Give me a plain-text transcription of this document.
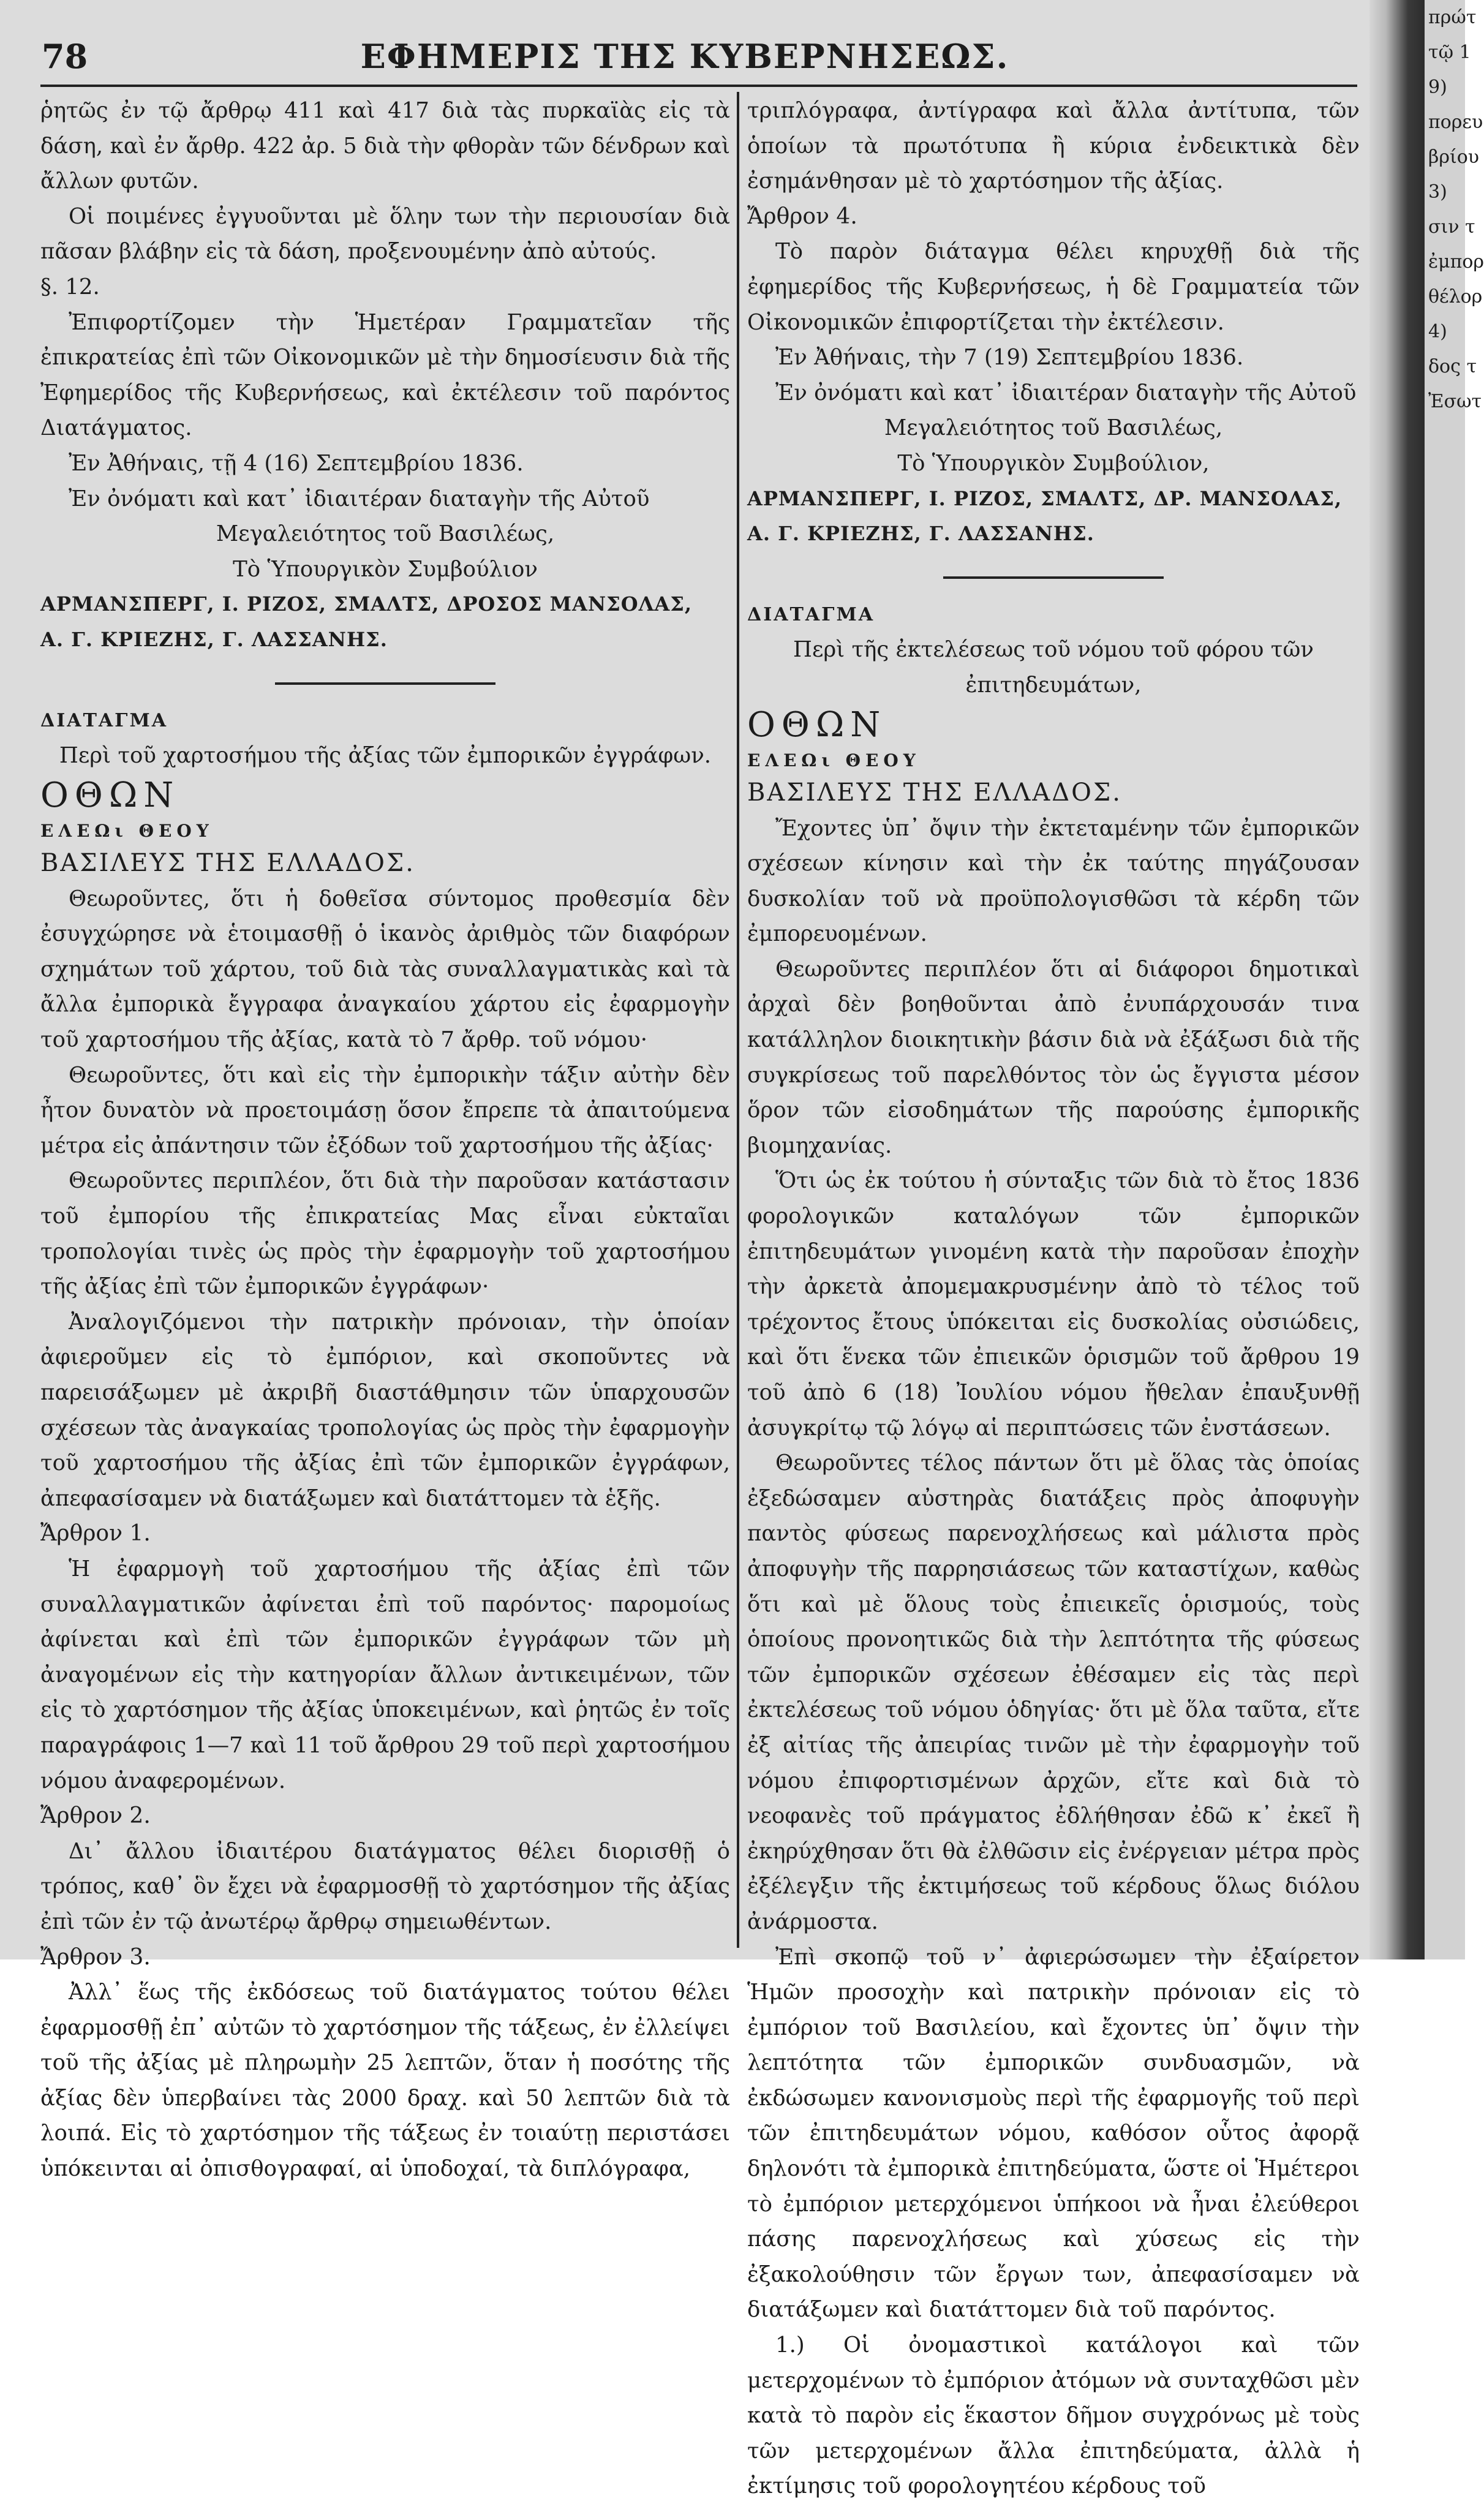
78	ΕΦΗΜΕΡΙΣ ΤΗΣ ΚΥΒΕΡΝΗΣΕΩΣ.

ῥητῶς ἐν τῷ ἄρθρῳ 411 καὶ 417 διὰ τὰς πυρκαϊὰς εἰς τὰ δάση, καὶ ἐν ἄρθρ. 422 ἀρ. 5 διὰ τὴν φθορὰν τῶν δένδρων καὶ ἄλλων φυτῶν.

Οἱ ποιμένες ἐγγυοῦνται μὲ ὅλην των τὴν περιουσίαν διὰ πᾶσαν βλάβην εἰς τὰ δάση, προξενουμένην ἀπὸ αὐτούς.

§. 12.

Ἐπιφορτίζομεν τὴν Ἡμετέραν Γραμματεῖαν τῆς ἐπικρατείας ἐπὶ τῶν Οἰκονομικῶν μὲ τὴν δημοσίευσιν διὰ τῆς Ἐφημερίδος τῆς Κυβερνήσεως, καὶ ἐκτέλεσιν τοῦ παρόντος Διατάγματος.

Ἐν Ἀθήναις, τῇ 4 (16) Σεπτεμβρίου 1836.

Ἐν ὀνόματι καὶ κατ᾽ ἰδιαιτέραν διαταγὴν τῆς Αὐτοῦ

Μεγαλειότητος τοῦ Βασιλέως,

Τὸ Ὑπουργικὸν Συμβούλιον

ΑΡΜΑΝΣΠΕΡΓ, Ι. ΡΙΖΟΣ, ΣΜΑΛΤΣ, ΔΡΟΣΟΣ ΜΑΝΣΟΛΑΣ,

Α. Γ. ΚΡΙΕΖΗΣ, Γ. ΛΑΣΣΑΝΗΣ.

ΔΙΑΤΑΓΜΑ

Περὶ τοῦ χαρτοσήμου τῆς ἀξίας τῶν ἐμπορικῶν ἐγγράφων.

ΟΘΩΝ

ΕΛΕΩι ΘΕΟΥ

ΒΑΣΙΛΕΥΣ ΤΗΣ ΕΛΛΑΔΟΣ.

Θεωροῦντες, ὅτι ἡ δοθεῖσα σύντομος προθεσμία δὲν ἐσυγχώρησε νὰ ἑτοιμασθῇ ὁ ἱκανὸς ἀριθμὸς τῶν διαφόρων σχημάτων τοῦ χάρτου, τοῦ διὰ τὰς συναλλαγματικὰς καὶ τὰ ἄλλα ἐμπορικὰ ἔγγραφα ἀναγκαίου χάρτου εἰς ἐφαρμογὴν τοῦ χαρτοσήμου τῆς ἀξίας, κατὰ τὸ 7 ἄρθρ. τοῦ νόμου·

Θεωροῦντες, ὅτι καὶ εἰς τὴν ἐμπορικὴν τάξιν αὐτὴν δὲν ἦτον δυνατὸν νὰ προετοιμάσῃ ὅσον ἔπρεπε τὰ ἀπαιτούμενα μέτρα εἰς ἀπάντησιν τῶν ἐξόδων τοῦ χαρτοσήμου τῆς ἀξίας·

Θεωροῦντες περιπλέον, ὅτι διὰ τὴν παροῦσαν κατάστασιν τοῦ ἐμπορίου τῆς ἐπικρατείας Μας εἶναι εὐκταῖαι τροπολογίαι τινὲς ὡς πρὸς τὴν ἐφαρμογὴν τοῦ χαρτοσήμου τῆς ἀξίας ἐπὶ τῶν ἐμπορικῶν ἐγγράφων·

Ἀναλογιζόμενοι τὴν πατρικὴν πρόνοιαν, τὴν ὁποίαν ἀφιεροῦμεν εἰς τὸ ἐμπόριον, καὶ σκοποῦντες νὰ παρεισάξωμεν μὲ ἀκριβῆ διαστάθμησιν τῶν ὑπαρχουσῶν σχέσεων τὰς ἀναγκαίας τροπολογίας ὡς πρὸς τὴν ἐφαρμογὴν τοῦ χαρτοσήμου τῆς ἀξίας ἐπὶ τῶν ἐμπορικῶν ἐγγράφων, ἀπεφασίσαμεν νὰ διατάξωμεν καὶ διατάττομεν τὰ ἑξῆς.

Ἄρθρον 1.

Ἡ ἐφαρμογὴ τοῦ χαρτοσήμου τῆς ἀξίας ἐπὶ τῶν συναλλαγματικῶν ἀφίνεται ἐπὶ τοῦ παρόντος· παρομοίως ἀφίνεται καὶ ἐπὶ τῶν ἐμπορικῶν ἐγγράφων τῶν μὴ ἀναγομένων εἰς τὴν κατηγορίαν ἄλλων ἀντικειμένων, τῶν εἰς τὸ χαρτόσημον τῆς ἀξίας ὑποκειμένων, καὶ ῥητῶς ἐν τοῖς παραγράφοις 1—7 καὶ 11 τοῦ ἄρθρου 29 τοῦ περὶ χαρτοσήμου νόμου ἀναφερομένων.

Ἄρθρον 2.

Δι᾽ ἄλλου ἰδιαιτέρου διατάγματος θέλει διορισθῇ ὁ τρόπος, καθ᾽ ὃν ἔχει νὰ ἐφαρμοσθῇ τὸ χαρτόσημον τῆς ἀξίας ἐπὶ τῶν ἐν τῷ ἀνωτέρῳ ἄρθρῳ σημειωθέντων.

Ἄρθρον 3.

Ἀλλ᾽ ἕως τῆς ἐκδόσεως τοῦ διατάγματος τούτου θέλει ἐφαρμοσθῇ ἐπ᾽ αὐτῶν τὸ χαρτόσημον τῆς τάξεως, ἐν ἐλλείψει τοῦ τῆς ἀξίας μὲ πληρωμὴν 25 λεπτῶν, ὅταν ἡ ποσότης τῆς ἀξίας δὲν ὑπερβαίνει τὰς 2000 δραχ. καὶ 50 λεπτῶν διὰ τὰ λοιπά. Εἰς τὸ χαρτόσημον τῆς τάξεως ἐν τοιαύτῃ περιστάσει ὑπόκεινται αἱ ὀπισθογραφαί, αἱ ὑποδοχαί, τὰ διπλόγραφα,

τριπλόγραφα, ἀντίγραφα καὶ ἄλλα ἀντίτυπα, τῶν ὁποίων τὰ πρωτότυπα ἢ κύρια ἐνδεικτικὰ δὲν ἐσημάνθησαν μὲ τὸ χαρτόσημον τῆς ἀξίας.

Ἄρθρον 4.

Τὸ παρὸν διάταγμα θέλει κηρυχθῇ διὰ τῆς ἐφημερίδος τῆς Κυβερνήσεως, ἡ δὲ Γραμματεία τῶν Οἰκονομικῶν ἐπιφορτίζεται τὴν ἐκτέλεσιν.

Ἐν Ἀθήναις, τὴν 7 (19) Σεπτεμβρίου 1836.

Ἐν ὀνόματι καὶ κατ᾽ ἰδιαιτέραν διαταγὴν τῆς Αὐτοῦ

Μεγαλειότητος τοῦ Βασιλέως,

Τὸ Ὑπουργικὸν Συμβούλιον,

ΑΡΜΑΝΣΠΕΡΓ, Ι. ΡΙΖΟΣ, ΣΜΑΛΤΣ, ΔΡ. ΜΑΝΣΟΛΑΣ,

Α. Γ. ΚΡΙΕΖΗΣ, Γ. ΛΑΣΣΑΝΗΣ.

ΔΙΑΤΑΓΜΑ

Περὶ τῆς ἐκτελέσεως τοῦ νόμου τοῦ φόρου τῶν ἐπιτηδευμάτων,

ΟΘΩΝ

ΕΛΕΩι ΘΕΟΥ

ΒΑΣΙΛΕΥΣ ΤΗΣ ΕΛΛΑΔΟΣ.

Ἔχοντες ὑπ᾽ ὄψιν τὴν ἐκτεταμένην τῶν ἐμπορικῶν σχέσεων κίνησιν καὶ τὴν ἐκ ταύτης πηγάζουσαν δυσκολίαν τοῦ νὰ προϋπολογισθῶσι τὰ κέρδη τῶν ἐμπορευομένων.

Θεωροῦντες περιπλέον ὅτι αἱ διάφοροι δημοτικαὶ ἀρχαὶ δὲν βοηθοῦνται ἀπὸ ἐνυπάρχουσάν τινα κατάλληλον διοικητικὴν βάσιν διὰ νὰ ἐξάξωσι διὰ τῆς συγκρίσεως τοῦ παρελθόντος τὸν ὡς ἔγγιστα μέσον ὅρον τῶν εἰσοδημάτων τῆς παρούσης ἐμπορικῆς βιομηχανίας.

Ὅτι ὡς ἐκ τούτου ἡ σύνταξις τῶν διὰ τὸ ἔτος 1836 φορολογικῶν καταλόγων τῶν ἐμπορικῶν ἐπιτηδευμάτων γινομένη κατὰ τὴν παροῦσαν ἐποχὴν τὴν ἀρκετὰ ἀπομεμακρυσμένην ἀπὸ τὸ τέλος τοῦ τρέχοντος ἔτους ὑπόκειται εἰς δυσκολίας οὐσιώδεις, καὶ ὅτι ἕνεκα τῶν ἐπιεικῶν ὁρισμῶν τοῦ ἄρθρου 19 τοῦ ἀπὸ 6 (18) Ἰουλίου νόμου ἤθελαν ἐπαυξυνθῇ ἀσυγκρίτῳ τῷ λόγῳ αἱ περιπτώσεις τῶν ἐνστάσεων.

Θεωροῦντες τέλος πάντων ὅτι μὲ ὅλας τὰς ὁποίας ἐξεδώσαμεν αὐστηρὰς διατάξεις πρὸς ἀποφυγὴν παντὸς φύσεως παρενοχλήσεως καὶ μάλιστα πρὸς ἀποφυγὴν τῆς παρρησιάσεως τῶν καταστίχων, καθὼς ὅτι καὶ μὲ ὅλους τοὺς ἐπιεικεῖς ὁρισμούς, τοὺς ὁποίους προνοητικῶς διὰ τὴν λεπτότητα τῆς φύσεως τῶν ἐμπορικῶν σχέσεων ἐθέσαμεν εἰς τὰς περὶ ἐκτελέσεως τοῦ νόμου ὁδηγίας· ὅτι μὲ ὅλα ταῦτα, εἴτε ἐξ αἰτίας τῆς ἀπειρίας τινῶν μὲ τὴν ἐφαρμογὴν τοῦ νόμου ἐπιφορτισμένων ἀρχῶν, εἴτε καὶ διὰ τὸ νεοφανὲς τοῦ πράγματος ἐδλήθησαν ἐδῶ κ᾽ ἐκεῖ ἢ ἐκηρύχθησαν ὅτι θὰ ἐλθῶσιν εἰς ἐνέργειαν μέτρα πρὸς ἐξέλεγξιν τῆς ἐκτιμήσεως τοῦ κέρδους ὅλως διόλου ἀνάρμοστα.

Ἐπὶ σκοπῷ τοῦ ν᾽ ἀφιερώσωμεν τὴν ἐξαίρετον Ἡμῶν προσοχὴν καὶ πατρικὴν πρόνοιαν εἰς τὸ ἐμπόριον τοῦ Βασιλείου, καὶ ἔχοντες ὑπ᾽ ὄψιν τὴν λεπτότητα τῶν ἐμπορικῶν συνδυασμῶν, νὰ ἐκδώσωμεν κανονισμοὺς περὶ τῆς ἐφαρμογῆς τοῦ περὶ τῶν ἐπιτηδευμάτων νόμου, καθόσον οὗτος ἀφορᾷ δηλονότι τὰ ἐμπορικὰ ἐπιτηδεύματα, ὥστε οἱ Ἡμέτεροι τὸ ἐμπόριον μετερχόμενοι ὑπήκοοι νὰ ἦναι ἐλεύθεροι πάσης παρενοχλήσεως καὶ χύσεως εἰς τὴν ἐξακολούθησιν τῶν ἔργων των, ἀπεφασίσαμεν νὰ διατάξωμεν καὶ διατάττομεν διὰ τοῦ παρόντος.

1.) Οἱ ὀνομαστικοὶ κατάλογοι καὶ τῶν μετερχομένων τὸ ἐμπόριον ἀτόμων νὰ συνταχθῶσι μὲν κατὰ τὸ παρὸν εἰς ἕκαστον δῆμον συγχρόνως μὲ τοὺς τῶν μετερχομένων ἄλλα ἐπιτηδεύματα, ἀλλὰ ἡ ἐκτίμησις τοῦ φορολογητέου κέρδους τοῦ

πρώτ
τῷ 1
9)
πορευ
βρίου
3)
σιν τ
ἐμπορ
θέλορ
4)
δος τ
Ἐσωτ
